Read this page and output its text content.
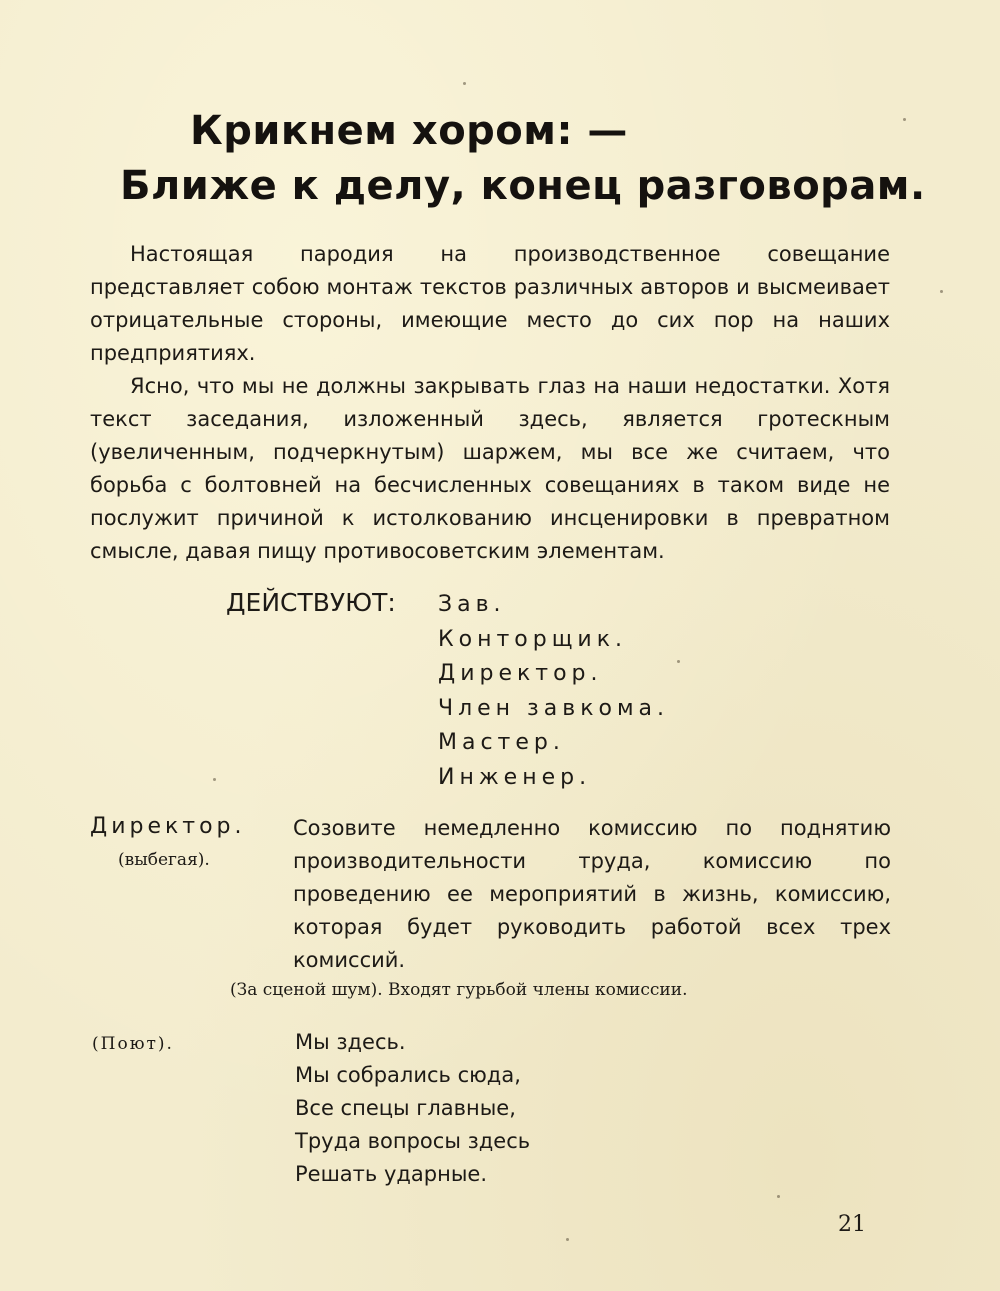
Крикнем хором: —
Ближе к делу, конец разговорам.

Настоящая пародия на производственное совещание представляет собою монтаж текстов различных авторов и высмеивает отрицательные стороны, имеющие место до сих пор на наших предприятиях.

Ясно, что мы не должны закрывать глаз на наши недостатки. Хотя текст заседания, изложенный здесь, является гротескным (увеличенным, подчеркнутым) шаржем, мы все же считаем, что борьба с болтовней на бесчисленных совещаниях в таком виде не послужит причиной к истолкованию инсценировки в превратном смысле, давая пищу противосоветским элементам.

ДЕЙСТВУЮТ: Зав.
Конторщик.
Директор.
Член завкома.
Мастер.
Инженер.
Директор.
(выбегая).

Созовите немедленно комиссию по поднятию производительности труда, комиссию по проведению ее мероприятий в жизнь, комиссию, которая будет руководить работой всех трех комиссий.

(За сценой шум). Входят гурьбой члены комиссии.
(Поют).	Мы здесь.
Мы собрались сюда,
Все спецы главные,
Труда вопросы здесь
Решать ударные.
21
